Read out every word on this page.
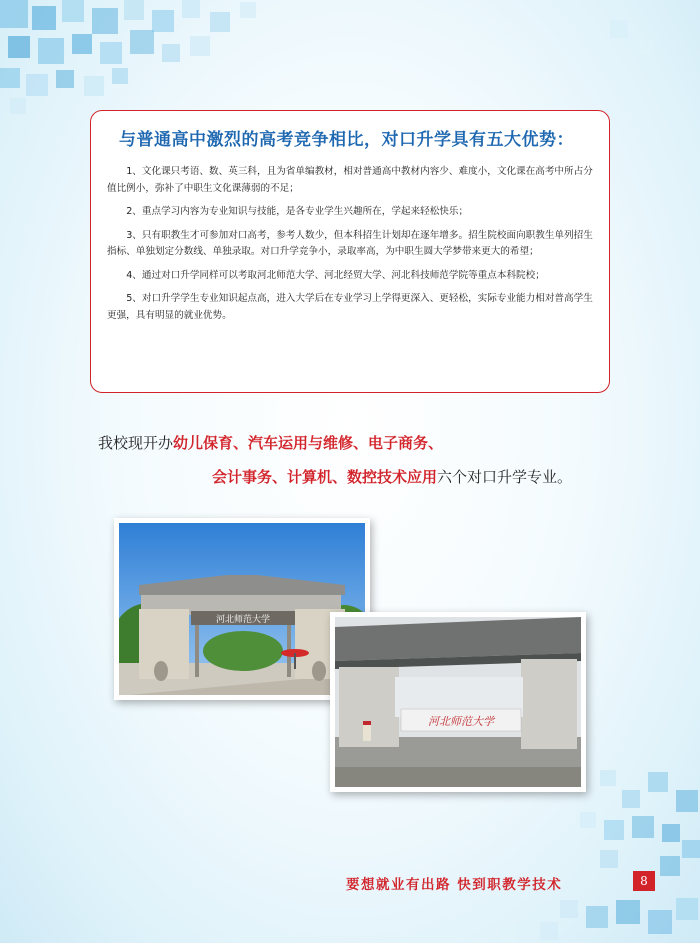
与普通高中激烈的高考竞争相比，对口升学具有五大优势：
1、文化课只考语、数、英三科，且为省单编教材，相对普通高中教材内容少、难度小，文化课在高考中所占分值比例小，弥补了中职生文化课薄弱的不足；
2、重点学习内容为专业知识与技能，是各专业学生兴趣所在，学起来轻松快乐；
3、只有职教生才可参加对口高考，参考人数少，但本科招生计划却在逐年增多。招生院校面向职教生单列招生指标、单独划定分数线、单独录取。对口升学竞争小，录取率高，为中职生圆大学梦带来更大的希望；
4、通过对口升学同样可以考取河北师范大学、河北经贸大学、河北科技师范学院等重点本科院校；
5、对口升学学生专业知识起点高，进入大学后在专业学习上学得更深入、更轻松，实际专业能力相对普高学生更强，具有明显的就业优势。
我校现开办幼儿保育、汽车运用与维修、电子商务、
会计事务、计算机、数控技术应用六个对口升学专业。
河北师范大学
河北师范大学
要想就业有出路 快到职教学技术	8
